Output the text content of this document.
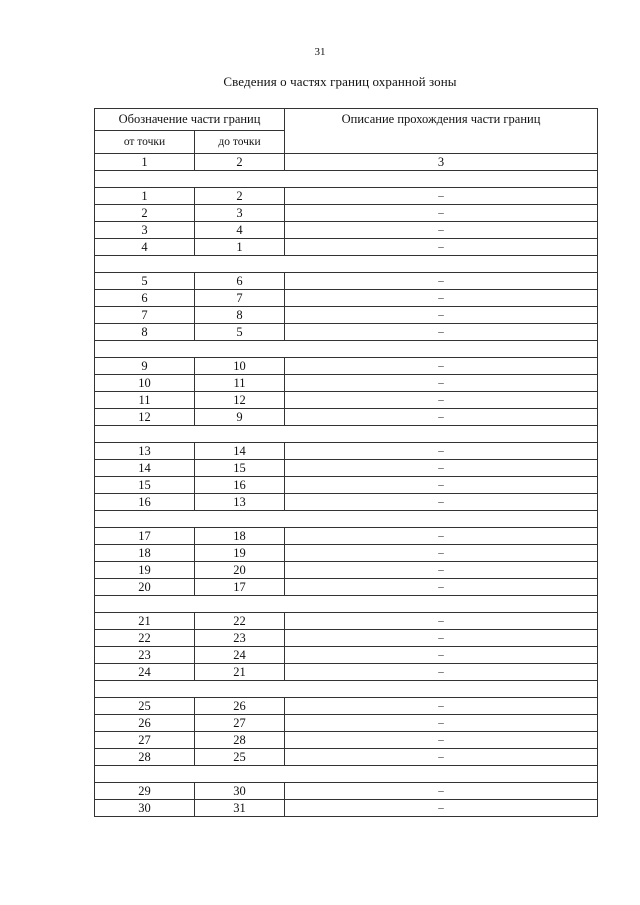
31
Сведения о частях границ охранной зоны
Обозначение части границ		Описание прохождения части границ
от точки	до точки	
1	2	3

1	2	–
2	3	–
3	4	–
4	1	–

5	6	–
6	7	–
7	8	–
8	5	–

9	10	–
10	11	–
11	12	–
12	9	–

13	14	–
14	15	–
15	16	–
16	13	–

17	18	–
18	19	–
19	20	–
20	17	–

21	22	–
22	23	–
23	24	–
24	21	–

25	26	–
26	27	–
27	28	–
28	25	–

29	30	–
30	31	–
